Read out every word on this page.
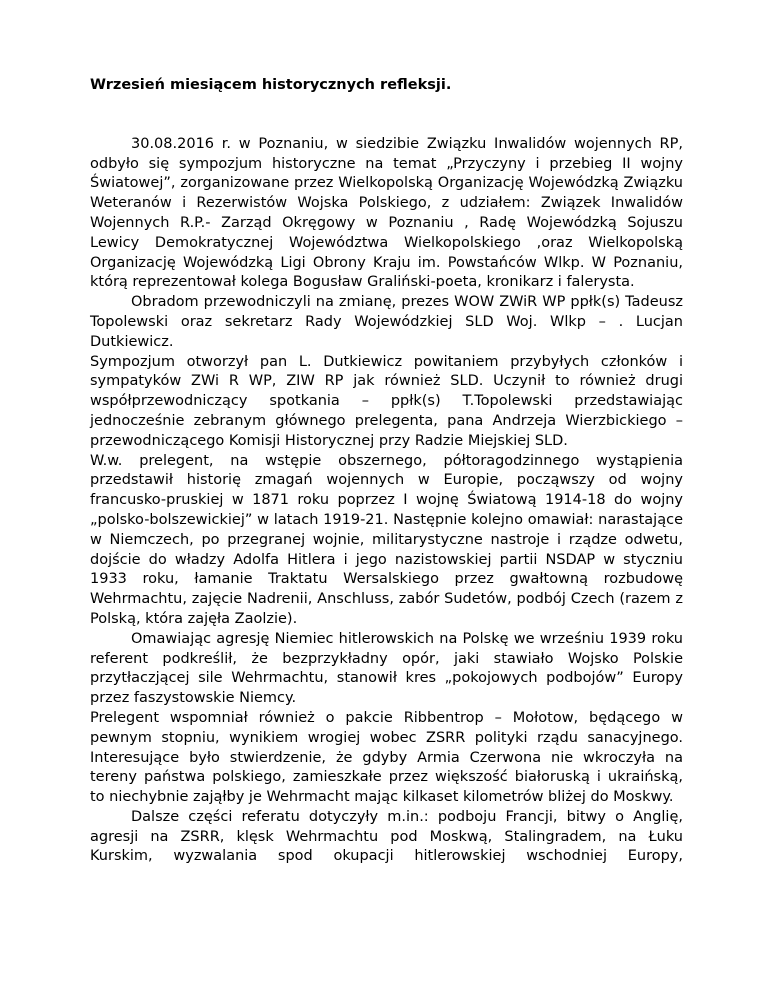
Wrzesień miesiącem historycznych refleksji.

30.08.2016 r. w Poznaniu, w siedzibie Związku Inwalidów wojennych RP, odbyło się sympozjum historyczne na temat „Przyczyny i przebieg II wojny Światowej”, zorganizowane przez Wielkopolską Organizację Wojewódzką Związku Weteranów i Rezerwistów Wojska Polskiego, z udziałem: Związek Inwalidów Wojennych R.P.- Zarząd Okręgowy w Poznaniu , Radę Wojewódzką Sojuszu Lewicy Demokratycznej Województwa Wielkopolskiego ,oraz Wielkopolską Organizację Wojewódzką Ligi Obrony Kraju im. Powstańców Wlkp. W Poznaniu, którą reprezentował kolega Bogusław Graliński-poeta, kronikarz i falerysta.

Obradom przewodniczyli na zmianę, prezes WOW ZWiR WP ppłk(s) Tadeusz Topolewski oraz sekretarz Rady Wojewódzkiej SLD Woj. Wlkp – . Lucjan Dutkiewicz.

Sympozjum otworzył pan L. Dutkiewicz powitaniem przybyłych członków i sympatyków ZWi R WP, ZIW RP jak również SLD. Uczynił to również drugi współprzewodniczący spotkania – ppłk(s) T.Topolewski przedstawiając jednocześnie zebranym głównego prelegenta, pana Andrzeja Wierzbickiego – przewodniczącego Komisji Historycznej przy Radzie Miejskiej SLD.

W.w. prelegent, na wstępie obszernego, półtoragodzinnego wystąpienia przedstawił historię zmagań wojennych w Europie, począwszy od wojny francusko-pruskiej w 1871 roku poprzez I wojnę Światową 1914-18 do wojny „polsko-bolszewickiej” w latach 1919-21. Następnie kolejno omawiał: narastające w Niemczech, po przegranej wojnie, militarystyczne nastroje i rządze odwetu, dojście do władzy Adolfa Hitlera i jego nazistowskiej partii NSDAP w styczniu 1933 roku, łamanie Traktatu Wersalskiego przez gwałtowną rozbudowę Wehrmachtu, zajęcie Nadrenii, Anschluss, zabór Sudetów, podbój Czech (razem z Polską, która zajęła Zaolzie).

Omawiając agresję Niemiec hitlerowskich na Polskę we wrześniu 1939 roku referent podkreślił, że bezprzykładny opór, jaki stawiało Wojsko Polskie przytłaczjącej sile Wehrmachtu, stanowił kres „pokojowych podbojów” Europy przez faszystowskie Niemcy.

Prelegent wspomniał również o pakcie Ribbentrop – Mołotow, będącego w pewnym stopniu, wynikiem wrogiej wobec ZSRR polityki rządu sanacyjnego. Interesujące było stwierdzenie, że gdyby Armia Czerwona nie wkroczyła na tereny państwa polskiego, zamieszkałe przez większość białoruską i ukraińską, to niechybnie zająłby je Wehrmacht mając kilkaset kilometrów bliżej do Moskwy.

Dalsze części referatu dotyczyły m.in.: podboju Francji, bitwy o Anglię, agresji na ZSRR, klęsk Wehrmachtu pod Moskwą, Stalingradem, na Łuku Kurskim, wyzwalania spod okupacji hitlerowskiej wschodniej Europy,
